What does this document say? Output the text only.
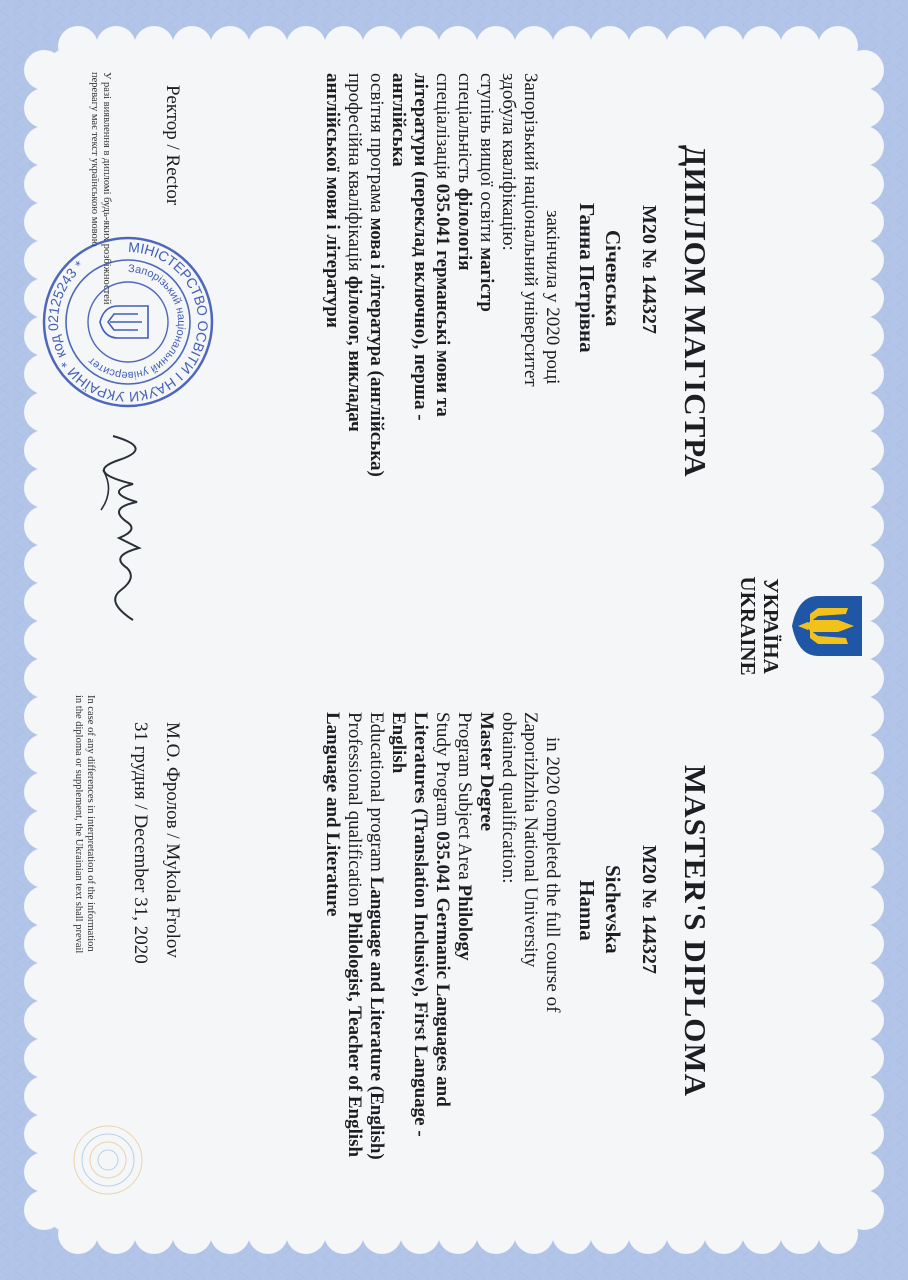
УКРАЇНА
UKRAINE
ДИПЛОМ МАГІСТРА
M20 № 144327
Січевська
Ганна Петрівна
закінчила у 2020 році
Запорізький національний університет
здобула кваліфікацію:
ступінь вищої освіти магістр
спеціальність філологія
спеціалізація 035.041 германські мови та
літератури (переклад включно), перша -
англійська
освітня програма мова і література (англійська)
професійна кваліфікація філолог, викладач
англійської мови і літератури
Ректор / Rector
У разі виявлення в дипломі будь-яких розбіжностей
перевагу має текст українською мовою
МІНІСТЕРСТВО ОСВІТИ І НАУКИ УКРАЇНИ * код 02125243 *	Запорізький національний університет
MASTER'S DIPLOMA
M20 № 144327
Sichevska
Hanna
in 2020 completed the full course of
Zaporizhzhia National University
obtained qualification:
Master Degree
Program Subject Area Philology
Study Program 035.041 Germanic Languages and
Literatures (Translation Inclusive), First Language -
English
Educational program Language and Literature (English)
Professional qualification Philologist, Teacher of English
Language and Literature
М.О. Фролов / Mykola Frolov
31 грудня / December 31, 2020
In case of any differences in interpretation of the information
in the diploma or supplement, the Ukrainian text shall prevail
